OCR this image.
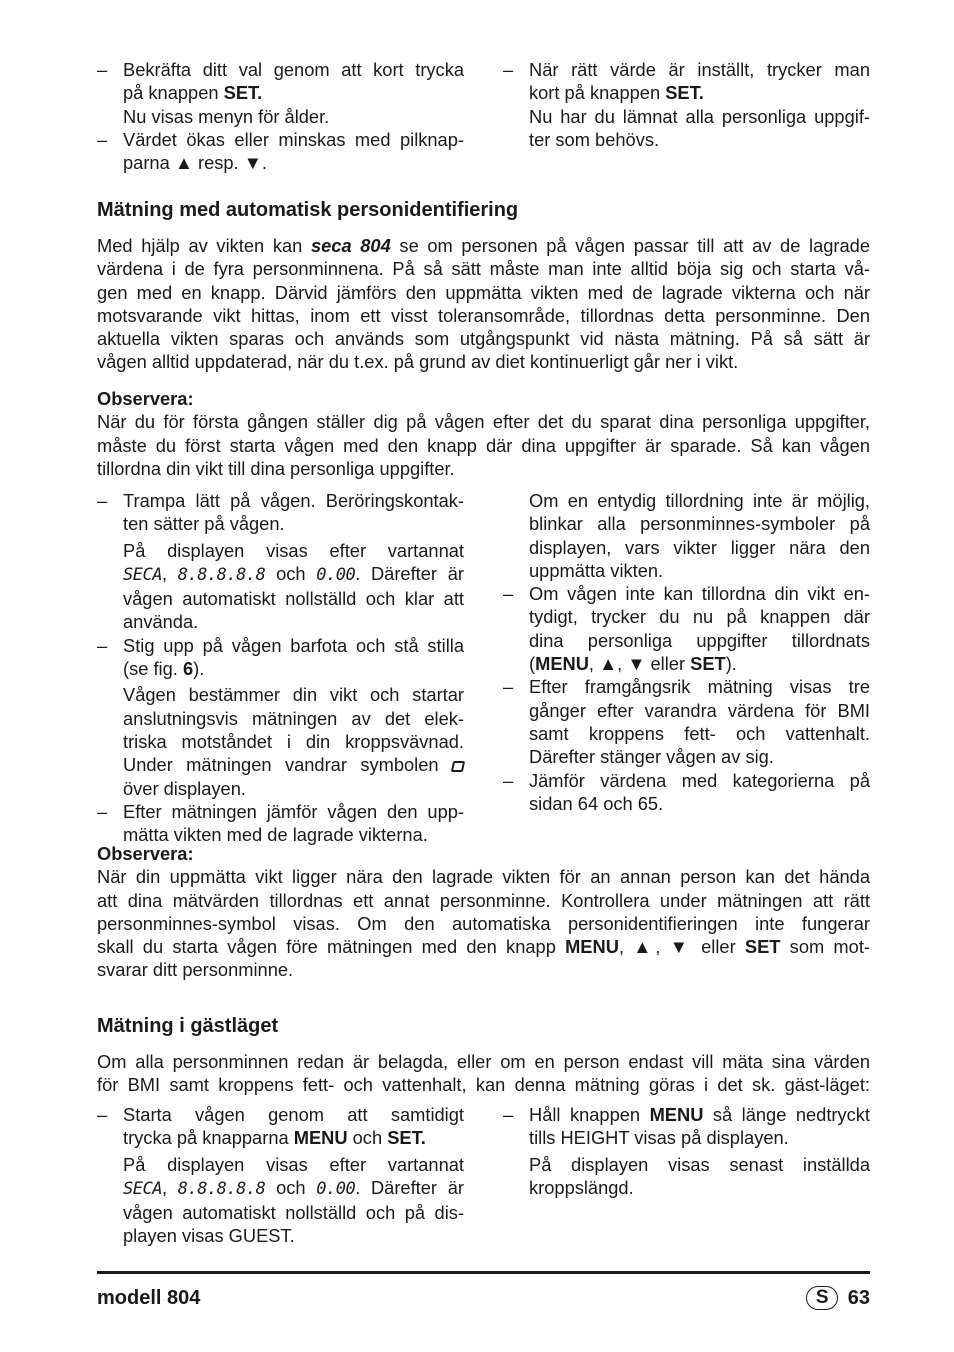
– Bekräfta ditt val genom att kort trycka
på knappen SET.
Nu visas menyn för ålder.
– Värdet ökas eller minskas med pilknap-
parna ▲ resp. ▼.
– När rätt värde är inställt, trycker man
kort på knappen SET.
Nu har du lämnat alla personliga uppgif-
ter som behövs.
Mätning med automatisk personidentifiering
Med hjälp av vikten kan seca 804 se om personen på vågen passar till att av de lagrade
värdena i de fyra personminnena. På så sätt måste man inte alltid böja sig och starta vå-
gen med en knapp. Därvid jämförs den uppmätta vikten med de lagrade vikterna och när
motsvarande vikt hittas, inom ett visst toleransområde, tillordnas detta personminne. Den
aktuella vikten sparas och används som utgångspunkt vid nästa mätning. På så sätt är
vågen alltid uppdaterad, när du t.ex. på grund av diet kontinuerligt går ner i vikt.
Observera:
När du för första gången ställer dig på vågen efter det du sparat dina personliga uppgifter,
måste du först starta vågen med den knapp där dina uppgifter är sparade. Så kan vågen
tillordna din vikt till dina personliga uppgifter.
– Trampa lätt på vågen. Beröringskontak-
ten sätter på vågen.
På displayen visas efter vartannat
SECA, 8.8.8.8.8 och 0.00. Därefter är
vågen automatiskt nollställd och klar att
använda.
– Stig upp på vågen barfota och stå stilla
(se fig. 6).
Vågen bestämmer din vikt och startar
anslutningsvis mätningen av det elek-
triska motståndet i din kroppsvävnad.
Under mätningen vandrar symbolen
över displayen.
– Efter mätningen jämför vågen den upp-
mätta vikten med de lagrade vikterna.
Om en entydig tillordning inte är möjlig,
blinkar alla personminnes-symboler på
displayen, vars vikter ligger nära den
uppmätta vikten.
– Om vågen inte kan tillordna din vikt en-
tydigt, trycker du nu på knappen där
dina personliga uppgifter tillordnats
(MENU, ▲, ▼ eller SET).
– Efter framgångsrik mätning visas tre
gånger efter varandra värdena för BMI
samt kroppens fett- och vattenhalt.
Därefter stänger vågen av sig.
– Jämför värdena med kategorierna på
sidan 64 och 65.
Observera:
När din uppmätta vikt ligger nära den lagrade vikten för an annan person kan det hända
att dina mätvärden tillordnas ett annat personminne. Kontrollera under mätningen att rätt
personminnes-symbol visas. Om den automatiska personidentifieringen inte fungerar
skall du starta vågen före mätningen med den knapp MENU, ▲, ▼ eller SET som mot-
svarar ditt personminne.
Mätning i gästläget
Om alla personminnen redan är belagda, eller om en person endast vill mäta sina värden
för BMI samt kroppens fett- och vattenhalt, kan denna mätning göras i det sk. gäst-läget:
– Starta vågen genom att samtidigt
trycka på knapparna MENU och SET.
På displayen visas efter vartannat
SECA, 8.8.8.8.8 och 0.00. Därefter är
vågen automatiskt nollställd och på dis-
playen visas GUEST.
– Håll knappen MENU så länge nedtryckt
tills HEIGHT visas på displayen.
På displayen visas senast inställda
kroppslängd.
modell 804	S 63
